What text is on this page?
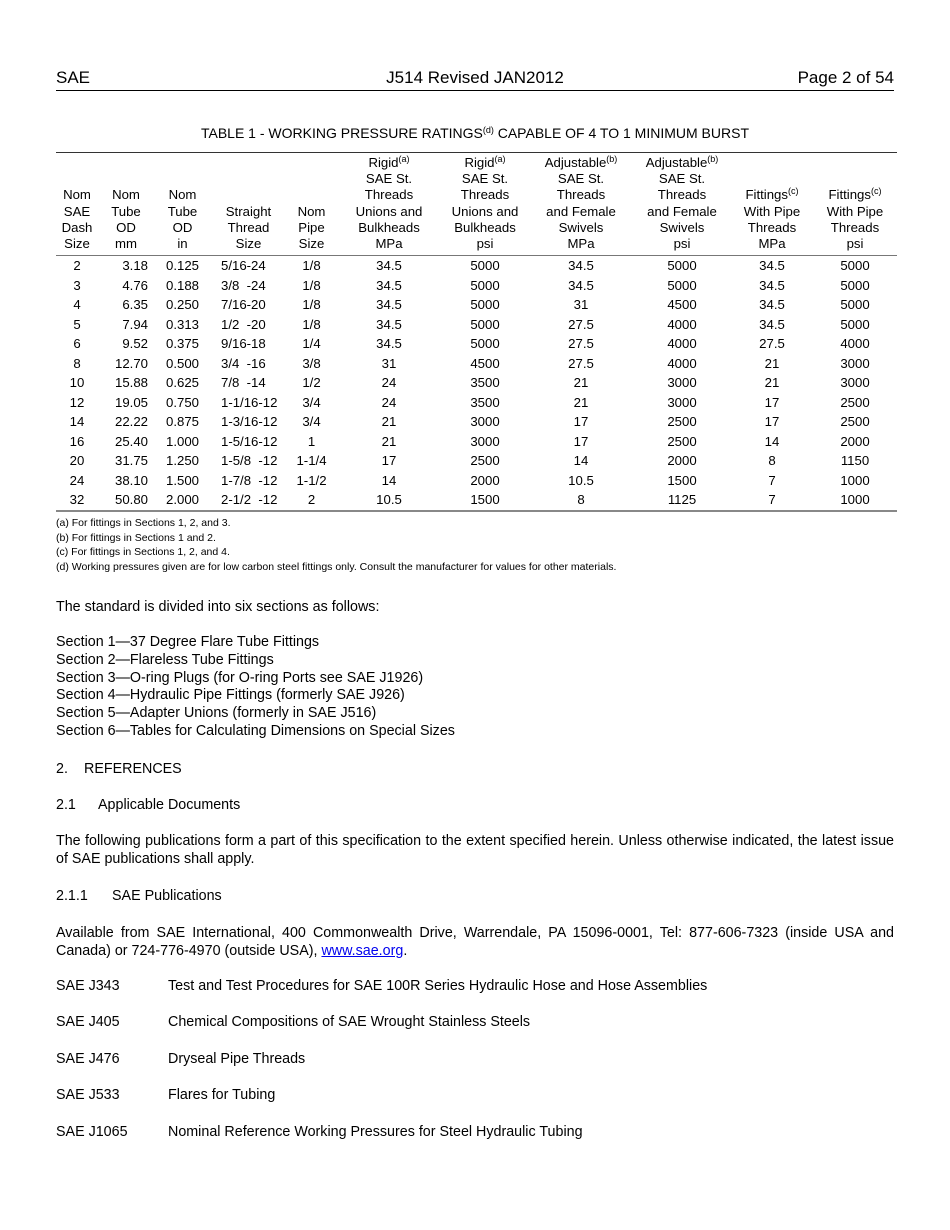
SAE	J514 Revised JAN2012	Page 2 of 54
TABLE 1 - WORKING PRESSURE RATINGS$^{(d)}$ CAPABLE OF 4 TO 1 MINIMUM BURST
Nom
SAE
Dash
Size	Nom
Tube
OD
mm	Nom
Tube
OD
in	Straight
Thread
Size	Nom
Pipe
Size	Rigid$^{(a)}$
SAE St.
Threads
Unions and
Bulkheads
MPa	Rigid$^{(a)}$
SAE St.
Threads
Unions and
Bulkheads
psi	Adjustable$^{(b)}$
SAE St.
Threads
and Female
Swivels
MPa	Adjustable$^{(b)}$
SAE St.
Threads
and Female
Swivels
psi	Fittings$^{(c)}$
With Pipe
Threads
MPa	Fittings$^{(c)}$
With Pipe
Threads
psi
2	3.18	0.125	5/16-24	1/8	34.5	5000	34.5	5000	34.5	5000
3	4.76	0.188	3/8  -24	1/8	34.5	5000	34.5	5000	34.5	5000
4	6.35	0.250	7/16-20	1/8	34.5	5000	31	4500	34.5	5000
5	7.94	0.313	1/2  -20	1/8	34.5	5000	27.5	4000	34.5	5000
6	9.52	0.375	9/16-18	1/4	34.5	5000	27.5	4000	27.5	4000
8	12.70	0.500	3/4  -16	3/8	31	4500	27.5	4000	21	3000
10	15.88	0.625	7/8  -14	1/2	24	3500	21	3000	21	3000
12	19.05	0.750	1-1/16-12	3/4	24	3500	21	3000	17	2500
14	22.22	0.875	1-3/16-12	3/4	21	3000	17	2500	17	2500
16	25.40	1.000	1-5/16-12	1	21	3000	17	2500	14	2000
20	31.75	1.250	1-5/8  -12	1-1/4	17	2500	14	2000	8	1150
24	38.10	1.500	1-7/8  -12	1-1/2	14	2000	10.5	1500	7	1000
32	50.80	2.000	2-1/2  -12	2	10.5	1500	8	1125	7	1000
(a) For fittings in Sections 1, 2, and 3.
(b) For fittings in Sections 1 and 2.
(c) For fittings in Sections 1, 2, and 4.
(d) Working pressures given are for low carbon steel fittings only. Consult the manufacturer for values for other materials.
The standard is divided into six sections as follows:
Section 1—37 Degree Flare Tube Fittings
Section 2—Flareless Tube Fittings
Section 3—O-ring Plugs (for O-ring Ports see SAE J1926)
Section 4—Hydraulic Pipe Fittings (formerly SAE J926)
Section 5—Adapter Unions (formerly in SAE J516)
Section 6—Tables for Calculating Dimensions on Special Sizes
2. REFERENCES
2.1 Applicable Documents
The following publications form a part of this specification to the extent specified herein. Unless otherwise indicated, the latest issue of SAE publications shall apply.
2.1.1 SAE Publications
Available from SAE International, 400 Commonwealth Drive, Warrendale, PA 15096-0001, Tel: 877-606-7323 (inside USA and Canada) or 724-776-4970 (outside USA), www.sae.org.
SAE J343	Test and Test Procedures for SAE 100R Series Hydraulic Hose and Hose Assemblies
SAE J405	Chemical Compositions of SAE Wrought Stainless Steels
SAE J476	Dryseal Pipe Threads
SAE J533	Flares for Tubing
SAE J1065	Nominal Reference Working Pressures for Steel Hydraulic Tubing
